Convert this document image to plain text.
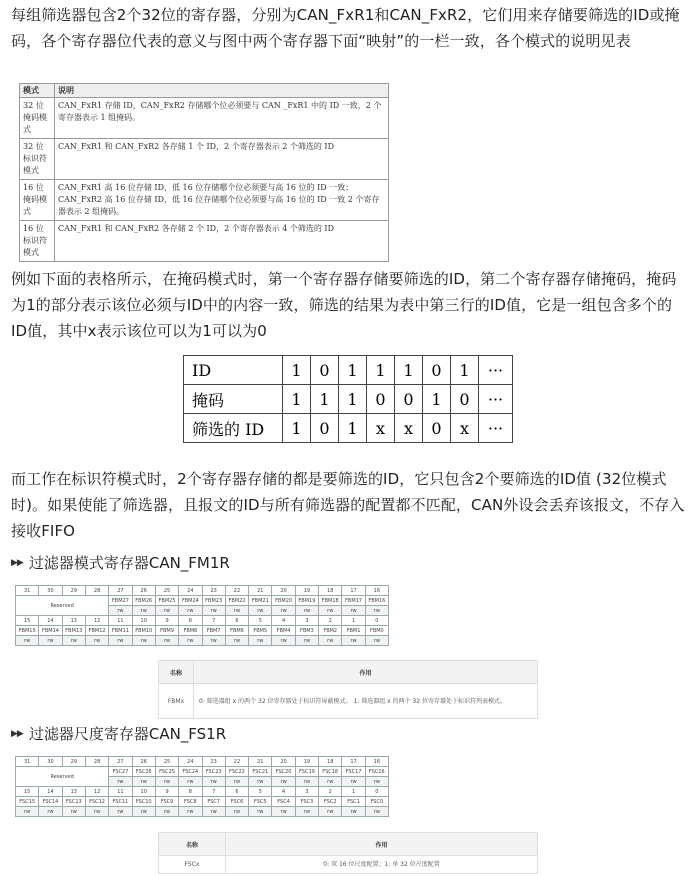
每组筛选器包含2个32位的寄存器，分别为CAN_FxR1和CAN_FxR2，它们用来存储要筛选的ID或掩码，各个寄存器位代表的意义与图中两个寄存器下面“映射”的一栏一致，各个模式的说明见表

模式	说明
32 位掩码模式	CAN_FxR1 存储 ID，CAN_FxR2 存储哪个位必须要与 CAN _FxR1 中的 ID 一致，2 个寄存器表示 1 组掩码。
32 位标识符模式	CAN_FxR1 和 CAN_FxR2 各存储 1 个 ID，2 个寄存器表示 2 个筛选的 ID
16 位掩码模式	CAN_FxR1 高 16 位存储 ID，低 16 位存储哪个位必须要与高 16 位的 ID 一致；CAN_FxR2 高 16 位存储 ID，低 16 位存储哪个位必须要与高 16 位的 ID 一致 2 个寄存器表示 2 组掩码。
16 位标识符模式	CAN_FxR1 和 CAN_FxR2 各存储 2 个 ID，2 个寄存器表示 4 个筛选的 ID

例如下面的表格所示，在掩码模式时，第一个寄存器存储要筛选的ID，第二个寄存器存储掩码，掩码为1的部分表示该位必须与ID中的内容一致，筛选的结果为表中第三行的ID值，它是一组包含多个的ID值，其中x表示该位可以为1可以为0

ID	1	0	1	1	1	0	1	···
掩码	1	1	1	0	0	1	0	···
筛选的 ID	1	0	1	x	x	0	x	···

而工作在标识符模式时，2个寄存器存储的都是要筛选的ID，它只包含2个要筛选的ID值 (32位模式时)。如果使能了筛选器，且报文的ID与所有筛选器的配置都不匹配，CAN外设会丢弃该报文，不存入接收FIFO

▶▶ 过滤器模式寄存器CAN_FM1R
31	30	29	28	27	26	25	24	23	22	21	20	19	18	17	16
Reserved				FBM27	FBM26	FBM25	FBM24	FBM23	FBM22	FBM21	FBM20	FBM19	FBM18	FBM17	FBM16
				rw	rw	rw	rw	rw	rw	rw	rw	rw	rw	rw	rw
15	14	13	12	11	10	9	8	7	6	5	4	3	2	1	0
FBM15	FBM14	FBM13	FBM12	FBM11	FBM10	FBM9	FBM8	FBM7	FBM6	FBM5	FBM4	FBM3	FBM2	FBM1	FBM0
rw	rw	rw	rw	rw	rw	rw	rw	rw	rw	rw	rw	rw	rw	rw	rw
名称	作用
FBMx	0: 筛选器组 x 的两个 32 位寄存器处于标识符屏蔽模式。 1: 筛选器组 x 的两个 32 位寄存器处于标识符列表模式。
▶▶ 过滤器尺度寄存器CAN_FS1R
31	30	29	28	27	26	25	24	23	22	21	20	19	18	17	16
Reserved				FSC27	FSC26	FSC25	FSC24	FSC23	FSC22	FSC21	FSC20	FSC19	FSC18	FSC17	FSC16
				rw	rw	rw	rw	rw	rw	rw	rw	rw	rw	rw	rw
15	14	13	12	11	10	9	8	7	6	5	4	3	2	1	0
FSC15	FSC14	FSC13	FSC12	FSC11	FSC10	FSC9	FSC8	FSC7	FSC6	FSC5	FSC4	FSC3	FSC2	FSC1	FSC0
rw	rw	rw	rw	rw	rw	rw	rw	rw	rw	rw	rw	rw	rw	rw	rw
名称	作用
FSCx	0: 双 16 位尺度配置；1: 单 32 位尺度配置
